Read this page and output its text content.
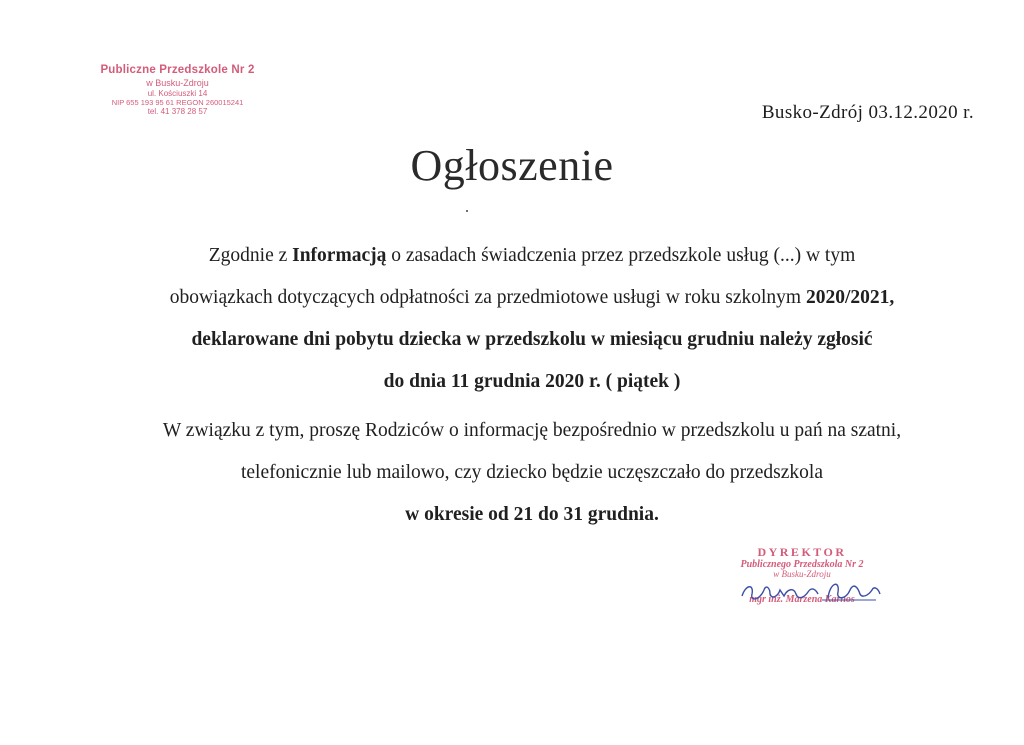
Publiczne Przedszkole Nr 2
w Busku-Zdroju
ul. Kościuszki 14
NIP 655 193 95 61 REGON 260015241
tel. 41 378 28 57	Busko-Zdrój 03.12.2020 r.
Ogłoszenie
Zgodnie z Informacją o zasadach świadczenia przez przedszkole usług (...) w tym
obowiązkach dotyczących odpłatności za przedmiotowe usługi w roku szkolnym 2020/2021,
deklarowane dni pobytu dziecka w przedszkolu w miesiącu grudniu należy zgłosić
do dnia 11 grudnia 2020 r. ( piątek )
W związku z tym, proszę Rodziców o informację bezpośrednio w przedszkolu u pań na szatni,
telefonicznie lub mailowo, czy dziecko będzie uczęszczało do przedszkola
w okresie od 21 do 31 grudnia.
DYREKTOR
Publicznego Przedszkola Nr 2
w Busku-Zdroju
mgr inż. Marzena Karnos
